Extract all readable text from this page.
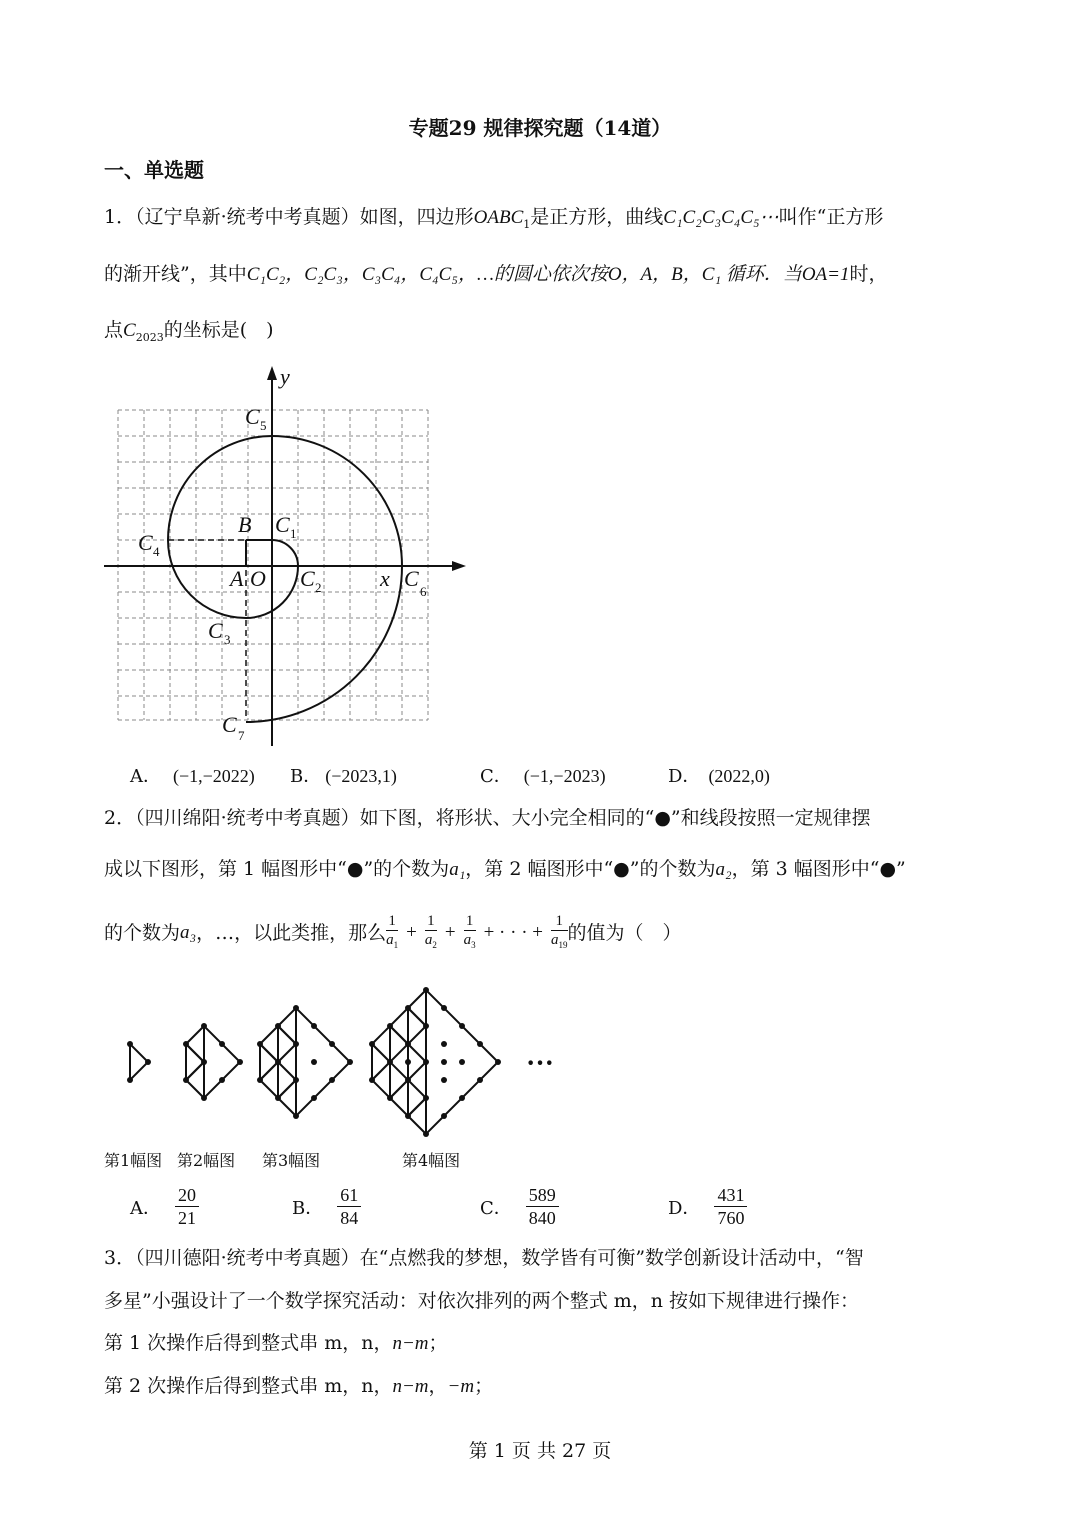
专题29 规律探究题（14道）
一、单选题
1．（辽宁阜新·统考中考真题）如图，四边形$OABC_1$是正方形，曲线C₁C₂C₃C₄C₅⋯叫作“正方形
的渐开线”，其中C₁C₂，C₂C₃，C₃C₄，C₄C₅，…的圆心依次按O，A，B，C₁ 循环．当OA=1时，
点$C_{2023}$的坐标是(　)
x
y
C
B C
C
A O C	C
C
C
5
1
4
2	6
3
7
A． (−1,−2022) B． (−2023,1)	C． (−1,−2023)	D． (2022,0)
2．（四川绵阳·统考中考真题）如下图，将形状、大小完全相同的“●”和线段按照一定规律摆
成以下图形，第 1 幅图形中“●”的个数为a₁，第 2 幅图形中“●”的个数为a₂，第 3 幅图形中“●”
的个数为 a₃ ，…，以此类推，那么
1
$a_1$
+ $\frac{1}{a_2} + \frac{1}{a_3}$ + · · · + $\frac{1}{a_{19}}$ 的值为（　）
···
第1幅图 第2幅图 第3幅图	第4幅图
A． $\frac{20}{21}$	B． $\frac{61}{84}$	C． $\frac{589}{840}$	D． $\frac{431}{760}$
3．（四川德阳·统考中考真题）在“点燃我的梦想，数学皆有可衡”数学创新设计活动中，“智
多星”小强设计了一个数学探究活动：对依次排列的两个整式 m，n 按如下规律进行操作：
第 1 次操作后得到整式串 m，n，n−m；
第 2 次操作后得到整式串 m，n，n−m，−m；
第 1 页 共 27 页
